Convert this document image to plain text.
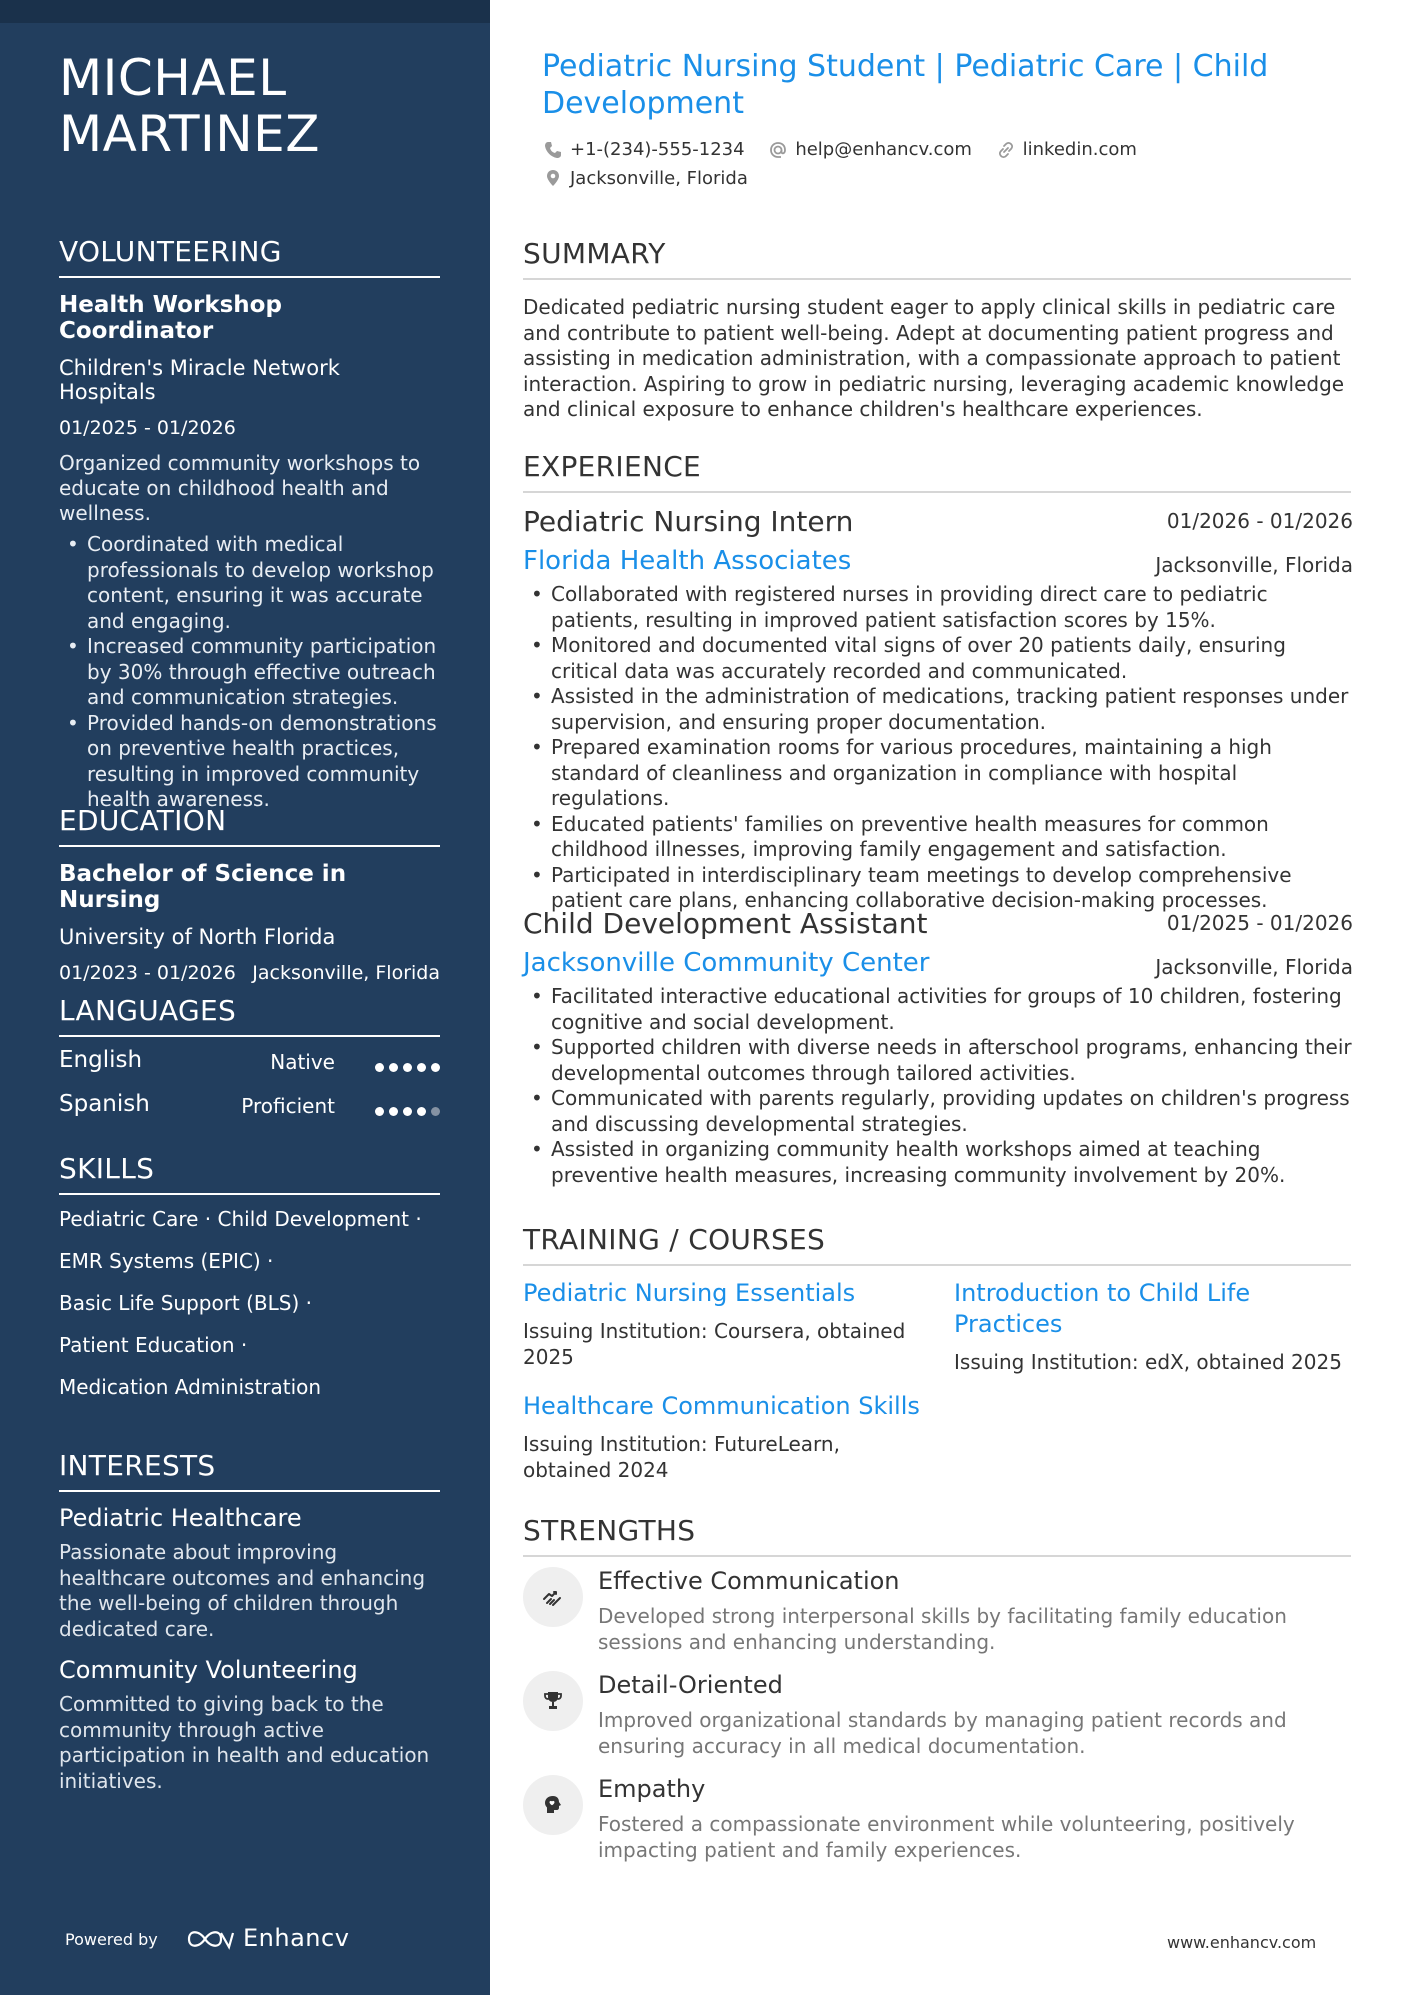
MICHAEL MARTINEZ
VOLUNTEERING
Health Workshop Coordinator
Children's Miracle Network Hospitals
01/2025 - 01/2026
Organized community workshops to educate on childhood health and wellness.
• Coordinated with medical professionals to develop workshop content, ensuring it was accurate and engaging.
• Increased community participation by 30% through effective outreach and communication strategies.
• Provided hands-on demonstrations on preventive health practices, resulting in improved community health awareness.
EDUCATION
Bachelor of Science in Nursing
University of North Florida
01/2023 - 01/2026 Jacksonville, Florida
LANGUAGES
English	Native
Spanish	Proficient
SKILLS
Pediatric Care · Child Development ·
EMR Systems (EPIC) ·
Basic Life Support (BLS) ·
Patient Education ·
Medication Administration
INTERESTS
Pediatric Healthcare
Passionate about improving healthcare outcomes and enhancing the well-being of children through dedicated care.
Community Volunteering
Committed to giving back to the community through active participation in health and education initiatives.
Powered by	Enhancv
Pediatric Nursing Student | Pediatric Care | Child Development
+1-(234)-555-1234
	help@enhancv.com
	linkedin.com

Jacksonville, Florida
SUMMARY
Dedicated pediatric nursing student eager to apply clinical skills in pediatric care and contribute to patient well-being. Adept at documenting patient progress and assisting in medication administration, with a compassionate approach to patient interaction. Aspiring to grow in pediatric nursing, leveraging academic knowledge and clinical exposure to enhance children's healthcare experiences.
EXPERIENCE
Pediatric Nursing Intern	01/2026 - 01/2026
Florida Health Associates	Jacksonville, Florida
• Collaborated with registered nurses in providing direct care to pediatric patients, resulting in improved patient satisfaction scores by 15%.
• Monitored and documented vital signs of over 20 patients daily, ensuring critical data was accurately recorded and communicated.
• Assisted in the administration of medications, tracking patient responses under supervision, and ensuring proper documentation.
• Prepared examination rooms for various procedures, maintaining a high standard of cleanliness and organization in compliance with hospital regulations.
• Educated patients' families on preventive health measures for common childhood illnesses, improving family engagement and satisfaction.
• Participated in interdisciplinary team meetings to develop comprehensive patient care plans, enhancing collaborative decision-making processes.
Child Development Assistant	01/2025 - 01/2026
Jacksonville Community Center	Jacksonville, Florida
• Facilitated interactive educational activities for groups of 10 children, fostering cognitive and social development.
• Supported children with diverse needs in afterschool programs, enhancing their developmental outcomes through tailored activities.
• Communicated with parents regularly, providing updates on children's progress and discussing developmental strategies.
• Assisted in organizing community health workshops aimed at teaching preventive health measures, increasing community involvement by 20%.
TRAINING / COURSES
Pediatric Nursing Essentials
Issuing Institution: Coursera, obtained 2025
Introduction to Child Life Practices
Issuing Institution: edX, obtained 2025
Healthcare Communication Skills
Issuing Institution: FutureLearn, obtained 2024
STRENGTHS
Effective Communication
Developed strong interpersonal skills by facilitating family education sessions and enhancing understanding.
Detail-Oriented
Improved organizational standards by managing patient records and ensuring accuracy in all medical documentation.
Empathy
Fostered a compassionate environment while volunteering, positively impacting patient and family experiences.
www.enhancv.com
